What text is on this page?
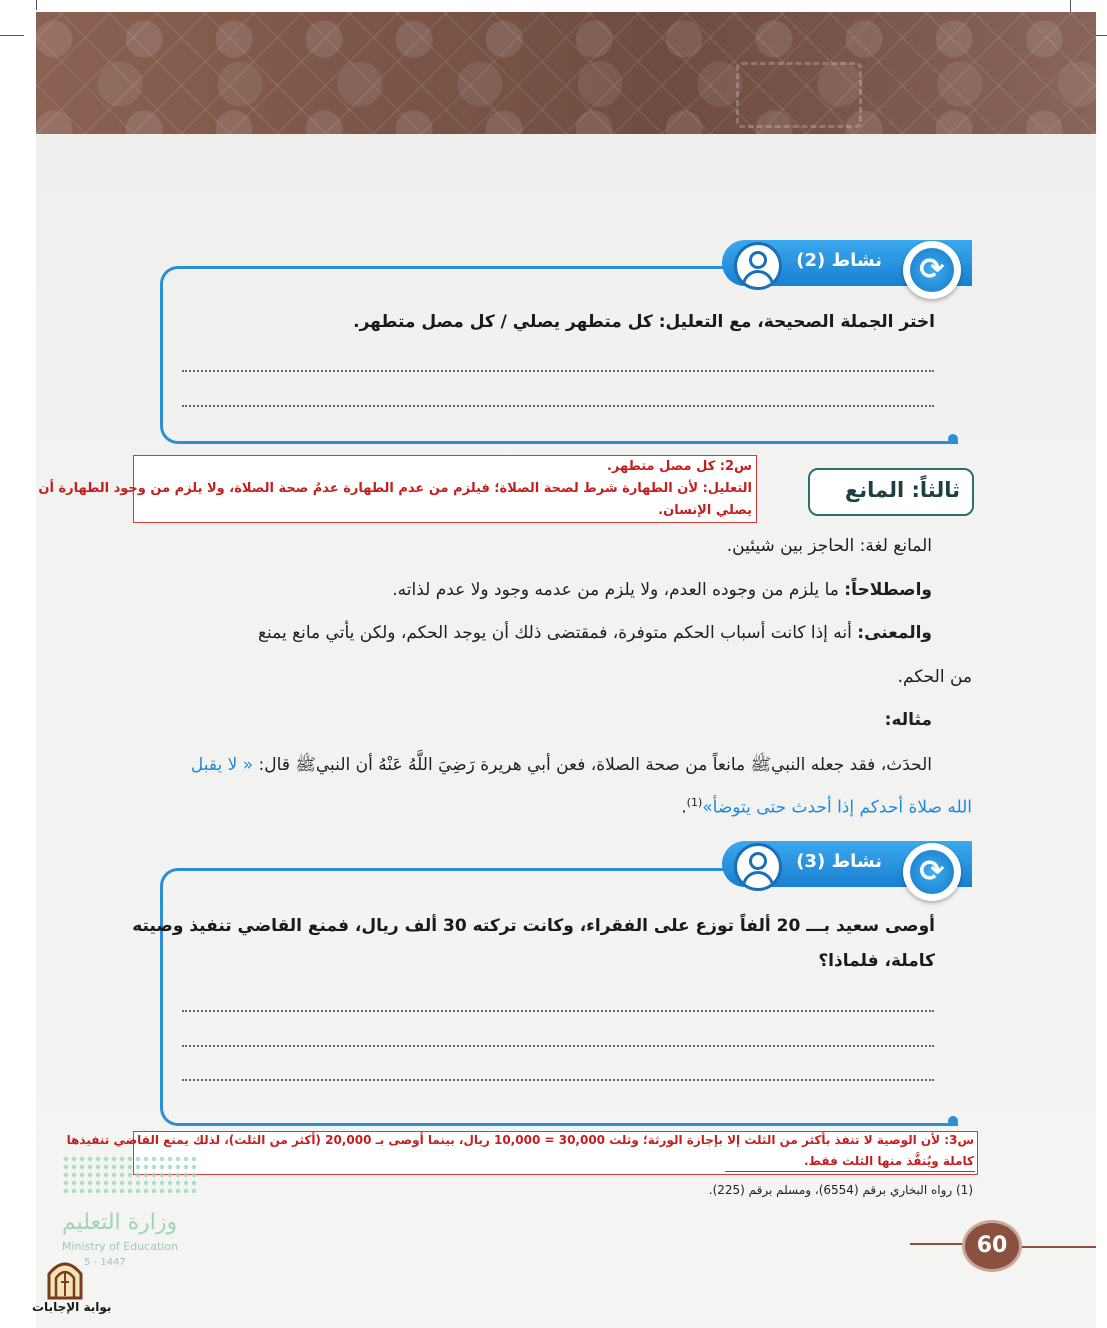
نشاط (2)	⟳
اختر الجملة الصحيحة، مع التعليل: كل متطهر يصلي / كل مصل متطهر.
س2: كل مصل متطهر.
التعليل: لأن الطهارة شرط لصحة الصلاة؛ فيلزم من عدم الطهارة عدمُ صحة الصلاة، ولا يلزم من وجود الطهارة أن
يصلي الإنسان.
ثالثاً: المانع
المانع لغة: الحاجز بين شيئين.
واصطلاحاً: ما يلزم من وجوده العدم، ولا يلزم من عدمه وجود ولا عدم لذاته.
والمعنى: أنه إذا كانت أسباب الحكم متوفرة، فمقتضى ذلك أن يوجد الحكم، ولكن يأتي مانع يمنع
من الحكم.
مثاله:
الحدَث، فقد جعله النبيﷺ مانعاً من صحة الصلاة، فعن أبي هريرة رَضِيَ اللَّهُ عَنْهُ أن النبيﷺ قال: « لا يقبل
الله صلاة أحدكم إذا أحدث حتى يتوضأ»$^{(1)}$.
نشاط (3)	⟳
أوصى سعيد بـــ 20 ألفاً توزع على الفقراء، وكانت تركته 30 ألف ريال، فمنع القاضي تنفيذ وصيته
كاملة، فلماذا؟
س3: لأن الوصية لا تنفذ بأكثر من الثلث إلا بإجازة الورثة؛ وثلث 30,000 = 10,000 ريال، بينما أوصى بـ 20,000 (أكثر من الثلث)، لذلك يمنع القاضي تنفيذها
كاملة ويُنفَّذ منها الثلث فقط.
(1) رواه البخاري برقم (6554)، ومسلم برقم (225).
60
وزارة التعليم
Ministry of Education
5 - 1447
بوابة الإجابات
